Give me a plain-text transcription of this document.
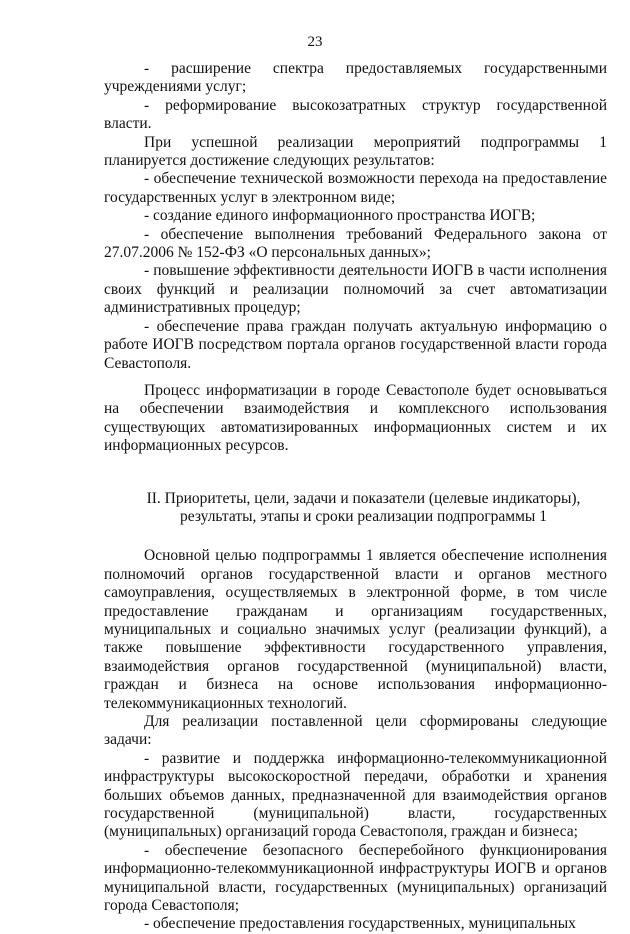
23

- расширение спектра предоставляемых государственными учреждениями услуг;

- реформирование высокозатратных структур государственной власти.

При успешной реализации мероприятий подпрограммы 1 планируется достижение следующих результатов:

- обеспечение технической возможности перехода на предоставление государственных услуг в электронном виде;

- создание единого информационного пространства ИОГВ;

- обеспечение выполнения требований Федерального закона от 27.07.2006 № 152-ФЗ «О персональных данных»;

- повышение эффективности деятельности ИОГВ в части исполнения своих функций и реализации полномочий за счет автоматизации административных процедур;

- обеспечение права граждан получать актуальную информацию о работе ИОГВ посредством портала органов государственной власти города Севастополя.

Процесс информатизации в городе Севастополе будет основываться на обеспечении взаимодействия и комплексного использования существующих автоматизированных информационных систем и их информационных ресурсов.

II. Приоритеты, цели, задачи и показатели (целевые индикаторы),
результаты, этапы и сроки реализации подпрограммы 1

Основной целью подпрограммы 1 является обеспечение исполнения полномочий органов государственной власти и органов местного самоуправления, осуществляемых в электронной форме, в том числе предоставление гражданам и организациям государственных, муниципальных и социально значимых услуг (реализации функций), а также повышение эффективности государственного управления, взаимодействия органов государственной (муниципальной) власти, граждан и бизнеса на основе использования информационно-телекоммуникационных технологий.

Для реализации поставленной цели сформированы следующие задачи:

- развитие и поддержка информационно-телекоммуникационной инфраструктуры высокоскоростной передачи, обработки и хранения больших объемов данных, предназначенной для взаимодействия органов государственной (муниципальной) власти, государственных (муниципальных) организаций города Севастополя, граждан и бизнеса;

- обеспечение безопасного бесперебойного функционирования информационно-телекоммуникационной инфраструктуры ИОГВ и органов муниципальной власти, государственных (муниципальных) организаций города Севастополя;

- обеспечение предоставления государственных, муниципальных
